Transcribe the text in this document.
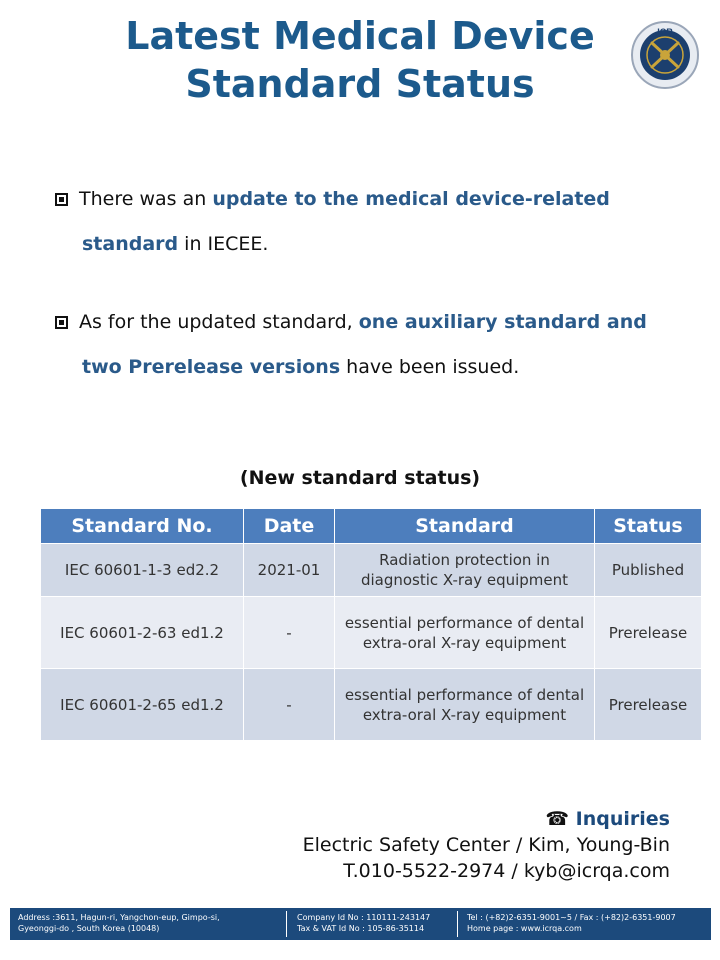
Latest Medical Device
Standard Status
ICR
There was an update to the medical device-related
standard in IECEE.
As for the updated standard, one auxiliary standard and
two Prerelease versions have been issued.
(New standard status)
Standard No.	Date	Standard	Status
IEC 60601-1-3 ed2.2	2021-01	Radiation protection in diagnostic X-ray equipment	Published
IEC 60601-2-63 ed1.2	-	essential performance of dental extra-oral X-ray equipment	Prerelease
IEC 60601-2-65 ed1.2	-	essential performance of dental extra-oral X-ray equipment	Prerelease
☎ Inquiries
Electric Safety Center / Kim, Young-Bin
T.010-5522-2974 / kyb@icrqa.com
Address :3611, Hagun-ri, Yangchon-eup, Gimpo-si,
Gyeonggi-do , South Korea (10048)
Company Id No : 110111-243147
Tax & VAT Id No : 105-86-35114
Tel : (+82)2-6351-9001~5 / Fax : (+82)2-6351-9007
Home page : www.icrqa.com
